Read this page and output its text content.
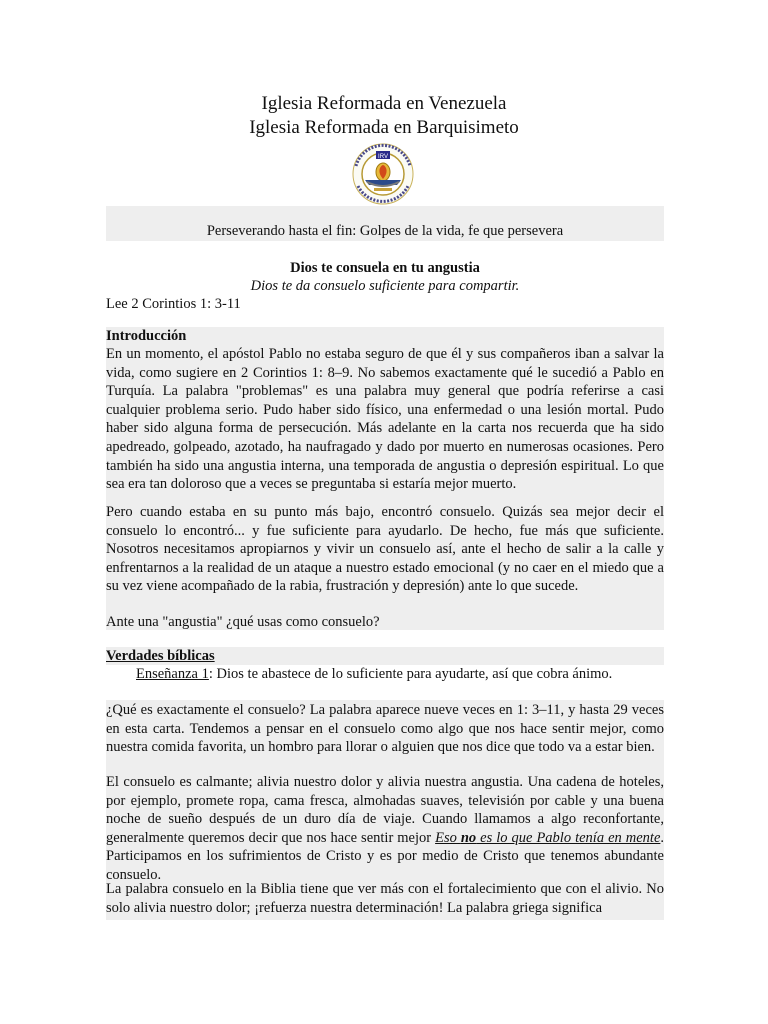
Iglesia Reformada en Venezuela
Iglesia Reformada en Barquisimeto
IRV
Perseverando hasta el fin: Golpes de la vida, fe que persevera
Dios te consuela en tu angustia
Dios te da consuelo suficiente para compartir.
Lee 2 Corintios 1: 3-11
Introducción
En un momento, el apóstol Pablo no estaba seguro de que él y sus compañeros iban a salvar la vida, como sugiere en 2 Corintios 1: 8–9. No sabemos exactamente qué le sucedió a Pablo en Turquía. La palabra "problemas" es una palabra muy general que podría referirse a casi cualquier problema serio. Pudo haber sido físico, una enfermedad o una lesión mortal. Pudo haber sido alguna forma de persecución. Más adelante en la carta nos recuerda que ha sido apedreado, golpeado, azotado, ha naufragado y dado por muerto en numerosas ocasiones. Pero también ha sido una angustia interna, una temporada de angustia o depresión espiritual. Lo que sea era tan doloroso que a veces se preguntaba si estaría mejor muerto.
Pero cuando estaba en su punto más bajo, encontró consuelo. Quizás sea mejor decir el consuelo lo encontró... y fue suficiente para ayudarlo. De hecho, fue más que suficiente. Nosotros necesitamos apropiarnos y vivir un consuelo así, ante el hecho de salir a la calle y enfrentarnos a la realidad de un ataque a nuestro estado emocional (y no caer en el miedo que a su vez viene acompañado de la rabia, frustración y depresión) ante lo que sucede.
Ante una "angustia" ¿qué usas como consuelo?
Verdades bíblicas
Enseñanza 1: Dios te abastece de lo suficiente para ayudarte, así que cobra ánimo.
¿Qué es exactamente el consuelo? La palabra aparece nueve veces en 1: 3–11, y hasta 29 veces en esta carta. Tendemos a pensar en el consuelo como algo que nos hace sentir mejor, como nuestra comida favorita, un hombro para llorar o alguien que nos dice que todo va a estar bien.
El consuelo es calmante; alivia nuestro dolor y alivia nuestra angustia. Una cadena de hoteles, por ejemplo, promete ropa, cama fresca, almohadas suaves, televisión por cable y una buena noche de sueño después de un duro día de viaje. Cuando llamamos a algo reconfortante, generalmente queremos decir que nos hace sentir mejor Eso no es lo que Pablo tenía en mente. Participamos en los sufrimientos de Cristo y es por medio de Cristo que tenemos abundante consuelo.
La palabra consuelo en la Biblia tiene que ver más con el fortalecimiento que con el alivio. No solo alivia nuestro dolor; ¡refuerza nuestra determinación! La palabra griega significa
